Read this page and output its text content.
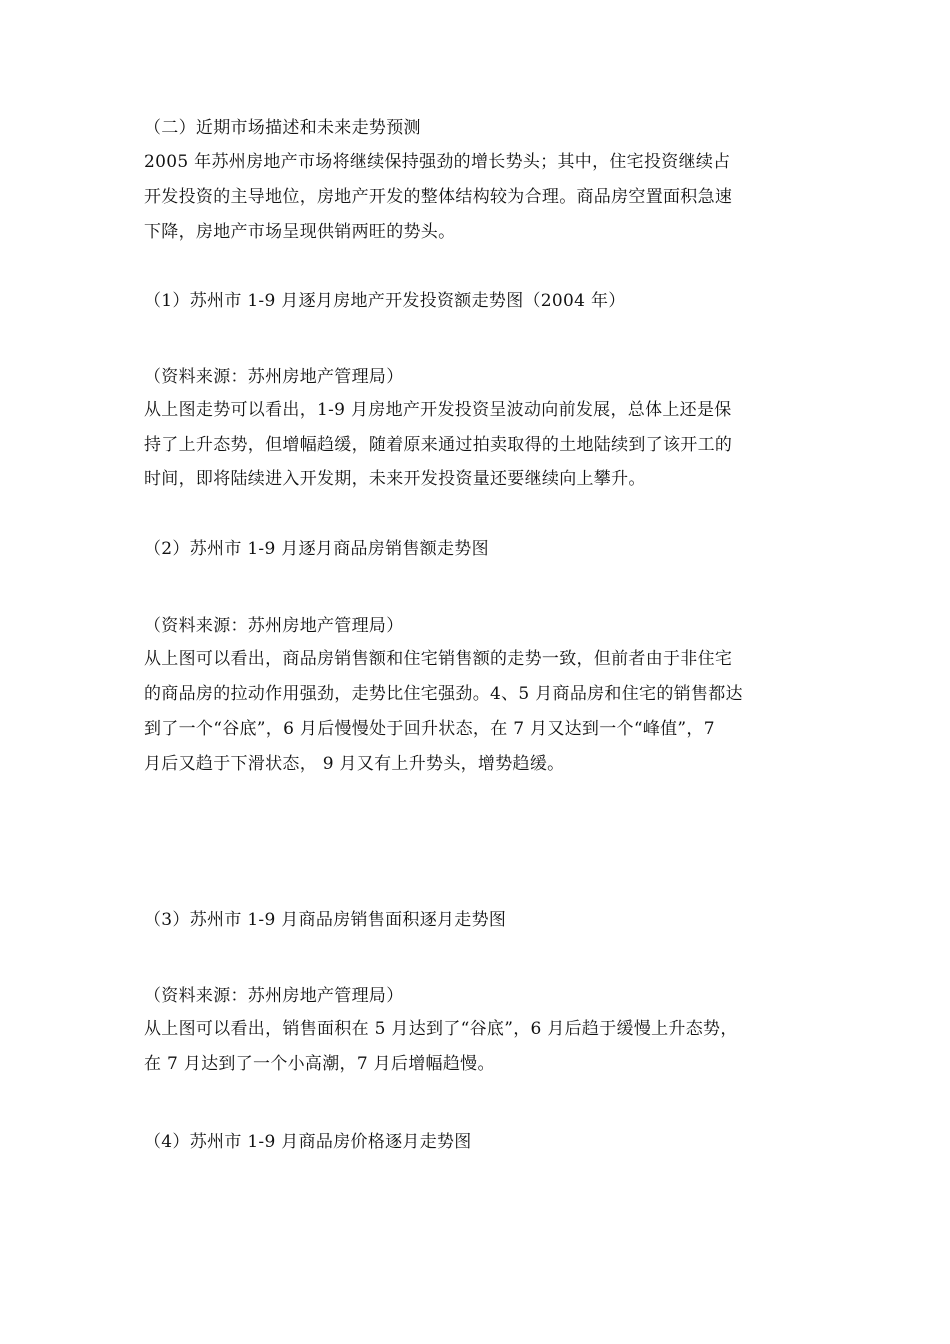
（二）近期市场描述和未来走势预测
2005 年苏州房地产市场将继续保持强劲的增长势头；其中，住宅投资继续占
开发投资的主导地位，房地产开发的整体结构较为合理。商品房空置面积急速
下降，房地产市场呈现供销两旺的势头。
（1）苏州市 1-9 月逐月房地产开发投资额走势图（2004 年）
（资料来源：苏州房地产管理局）
从上图走势可以看出，1-9 月房地产开发投资呈波动向前发展，总体上还是保
持了上升态势，但增幅趋缓，随着原来通过拍卖取得的土地陆续到了该开工的
时间，即将陆续进入开发期，未来开发投资量还要继续向上攀升。
（2）苏州市 1-9 月逐月商品房销售额走势图
（资料来源：苏州房地产管理局）
从上图可以看出，商品房销售额和住宅销售额的走势一致，但前者由于非住宅
的商品房的拉动作用强劲，走势比住宅强劲。4、5 月商品房和住宅的销售都达
到了一个“谷底”，6 月后慢慢处于回升状态，在 7 月又达到一个“峰值”，7
月后又趋于下滑状态， 9 月又有上升势头，增势趋缓。
（3）苏州市 1-9 月商品房销售面积逐月走势图
（资料来源：苏州房地产管理局）
从上图可以看出，销售面积在 5 月达到了“谷底”，6 月后趋于缓慢上升态势，
在 7 月达到了一个小高潮，7 月后增幅趋慢。
（4）苏州市 1-9 月商品房价格逐月走势图
